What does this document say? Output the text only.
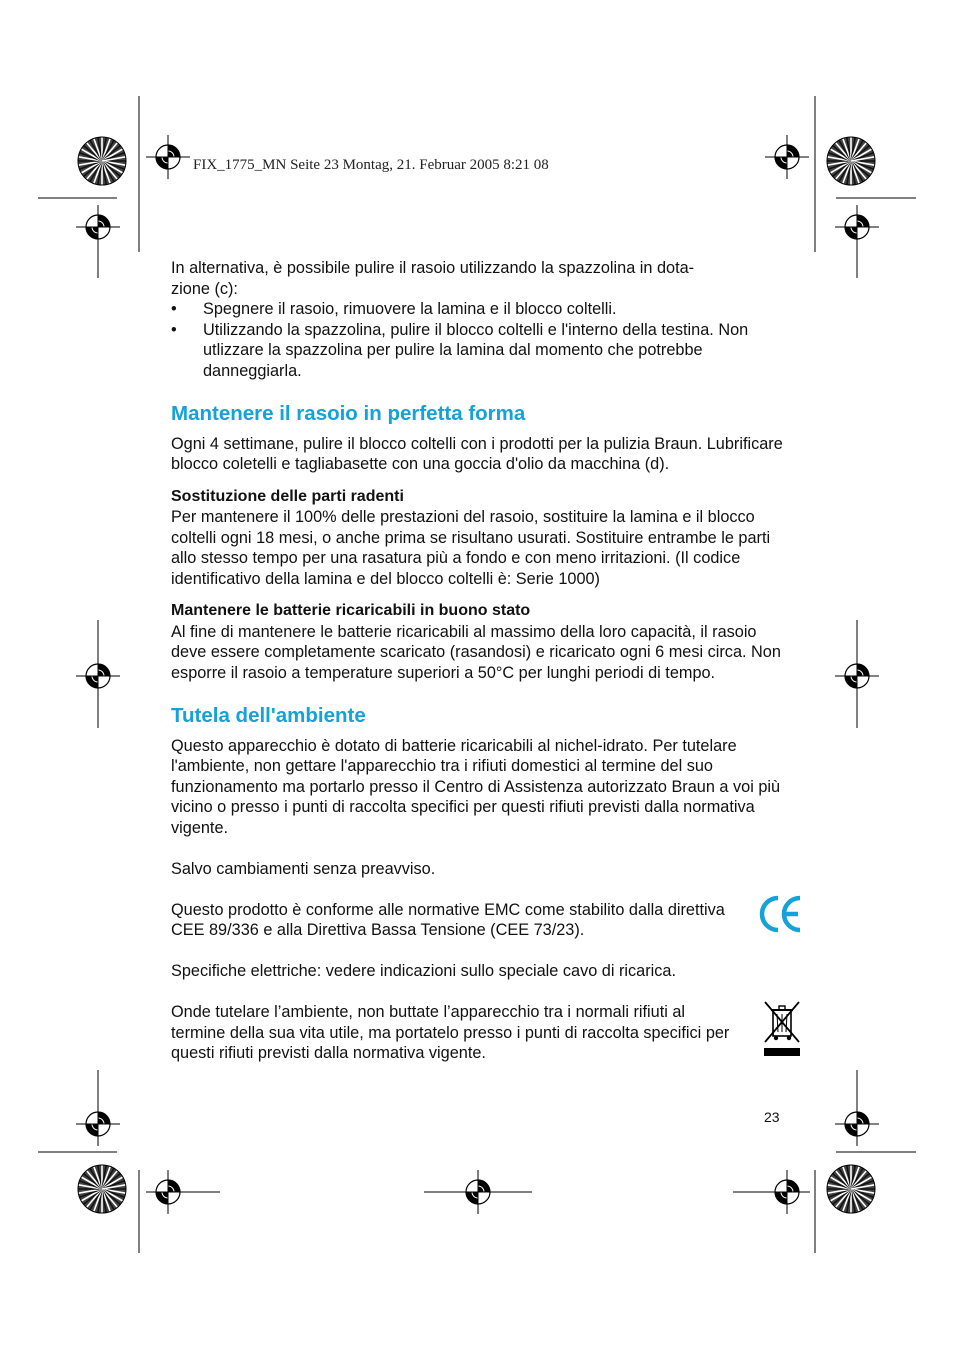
FIX_1775_MN Seite 23 Montag, 21. Februar 2005 8:21 08

In alternativa, è possibile pulire il rasoio utilizzando la spazzolina in dota-
zione (c):

• Spegnere il rasoio, rimuovere la lamina e il blocco coltelli.
• Utilizzando la spazzolina, pulire il blocco coltelli e l'interno della testina. Non utlizzare la spazzolina per pulire la lamina dal momento che potrebbe danneggiarla.
Mantenere il rasoio in perfetta forma

Ogni 4 settimane, pulire il blocco coltelli con i prodotti per la pulizia Braun. Lubrificare blocco coletelli e tagliabasette con una goccia d'olio da macchina (d).

Sostituzione delle parti radenti

Per mantenere il 100% delle prestazioni del rasoio, sostituire la lamina e il blocco coltelli ogni 18 mesi, o anche prima se risultano usurati. Sostituire entrambe le parti allo stesso tempo per una rasatura più a fondo e con meno irritazioni. (Il codice identificativo della lamina e del blocco coltelli è: Serie 1000)

Mantenere le batterie ricaricabili in buono stato

Al fine di mantenere le batterie ricaricabili al massimo della loro capacità, il rasoio deve essere completamente scaricato (rasandosi) e ricaricato ogni 6 mesi circa. Non esporre il rasoio a temperature superiori a 50°C per lunghi periodi di tempo.

Tutela dell'ambiente

Questo apparecchio è dotato di batterie ricaricabili al nichel-idrato. Per tutelare l'ambiente, non gettare l'apparecchio tra i rifiuti domestici al termine del suo funzionamento ma portarlo presso il Centro di Assistenza autorizzato Braun a voi più vicino o presso i punti di raccolta specifici per questi rifiuti previsti dalla normativa vigente.

Salvo cambiamenti senza preavviso.

Questo prodotto è conforme alle normative EMC come stabilito dalla direttiva CEE 89/336 e alla Direttiva Bassa Tensione (CEE 73/23).

Specifiche elettriche: vedere indicazioni sullo speciale cavo di ricarica.

Onde tutelare l’ambiente, non buttate l’apparecchio tra i normali rifiuti al termine della sua vita utile, ma portatelo presso i punti di raccolta specifici per questi rifiuti previsti dalla normativa vigente.

23
